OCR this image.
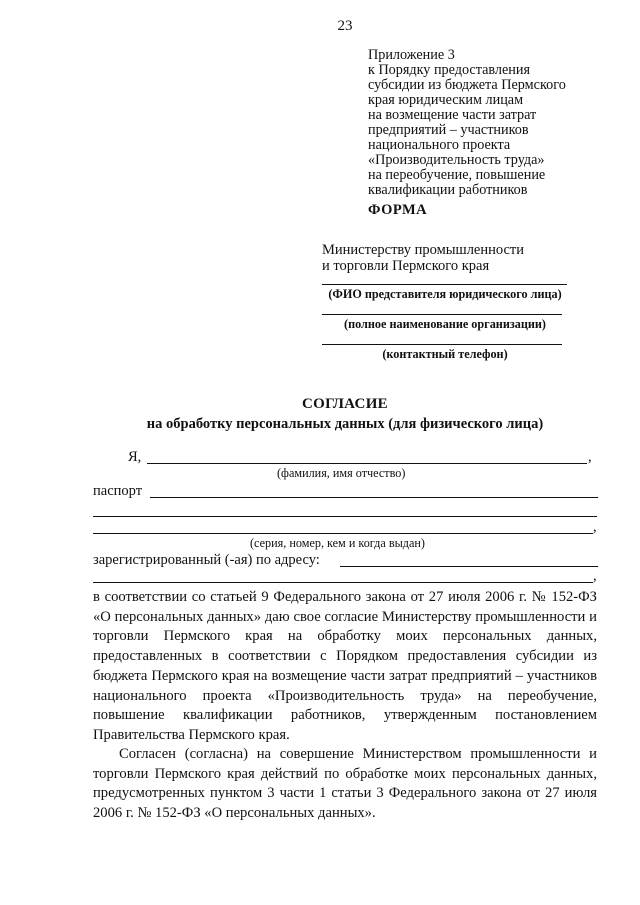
23
Приложение 3
к Порядку предоставления
субсидии из бюджета Пермского
края юридическим лицам
на возмещение части затрат
предприятий – участников
национального проекта
«Производительность труда»
на переобучение, повышение
квалификации работников
ФОРМА
Министерству промышленности
и торговли Пермского края
(ФИО представителя юридического лица)
(полное наименование организации)
(контактный телефон)
СОГЛАСИЕ
на обработку персональных данных (для физического лица)
Я,	,
(фамилия, имя отчество)
паспорт
,
(серия, номер, кем и когда выдан)
зарегистрированный (-ая) по адресу:
,
в соответствии со статьей 9 Федерального закона от 27 июля 2006 г. № 152-ФЗ «О персональных данных» даю свое согласие Министерству промышленности и торговли Пермского края на обработку моих персональных данных, предоставленных в соответствии с Порядком предоставления субсидии из бюджета Пермского края на возмещение части затрат предприятий – участников национального проекта «Производительность труда» на переобучение, повышение квалификации работников, утвержденным постановлением Правительства Пермского края.
Согласен (согласна) на совершение Министерством промышленности и торговли Пермского края действий по обработке моих персональных данных, предусмотренных пунктом 3 части 1 статьи 3 Федерального закона от 27 июля 2006 г. № 152-ФЗ «О персональных данных».
